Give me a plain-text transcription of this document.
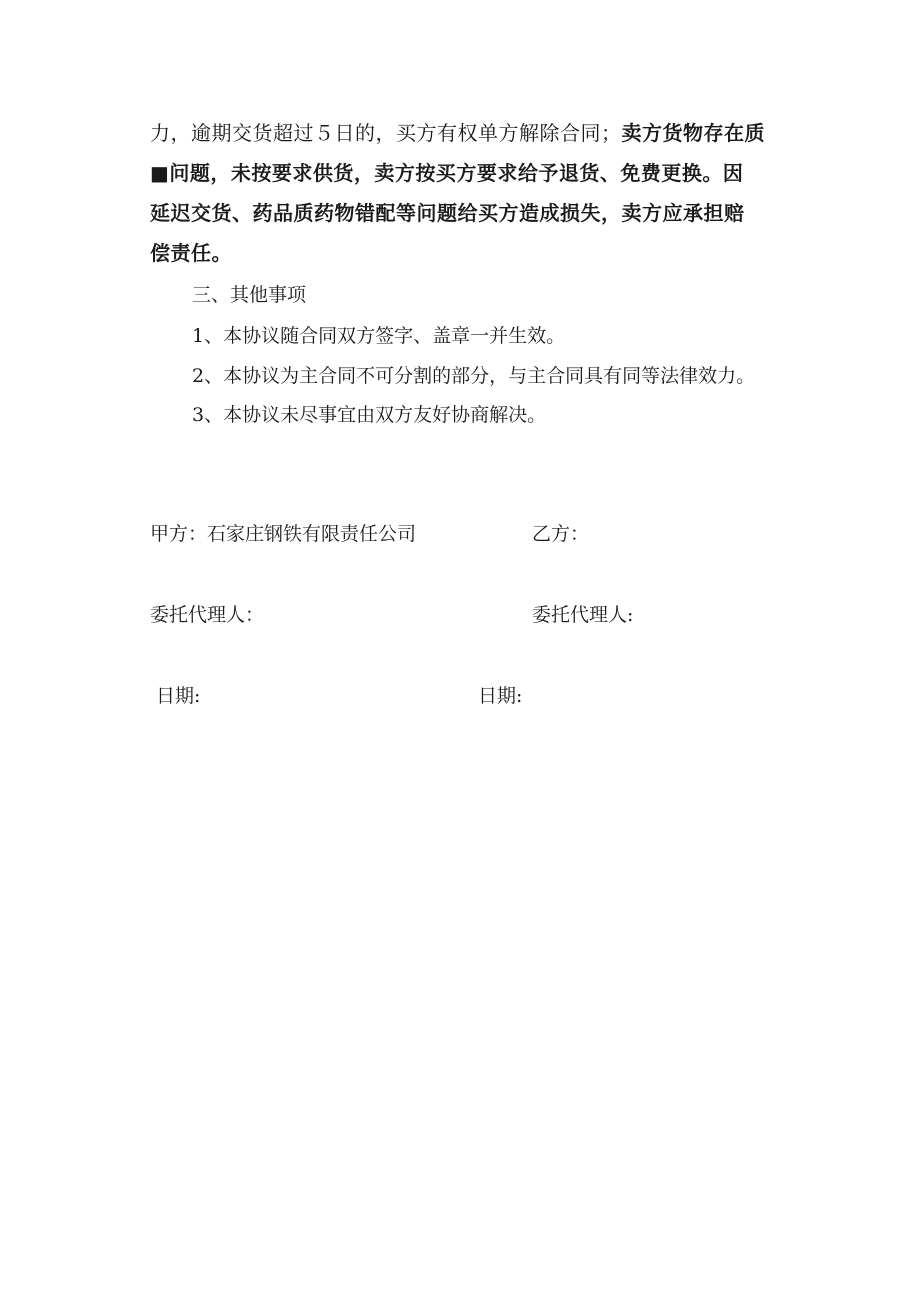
力，逾期交货超过５日的，买方有权单方解除合同；卖方货物存在质
■问题，未按要求供货，卖方按买方要求给予退货、免费更换。因
延迟交货、药品质药物错配等问题给买方造成损失，卖方应承担赔
偿责任。
三、其他事项
1、本协议随合同双方签字、盖章一并生效。
2、本协议为主合同不可分割的部分，与主合同具有同等法律效力。
3、本协议未尽事宜由双方友好协商解决。
甲方：石家庄钢铁有限责任公司	乙方：
委托代理人：	委托代理人:
日期:	日期:
